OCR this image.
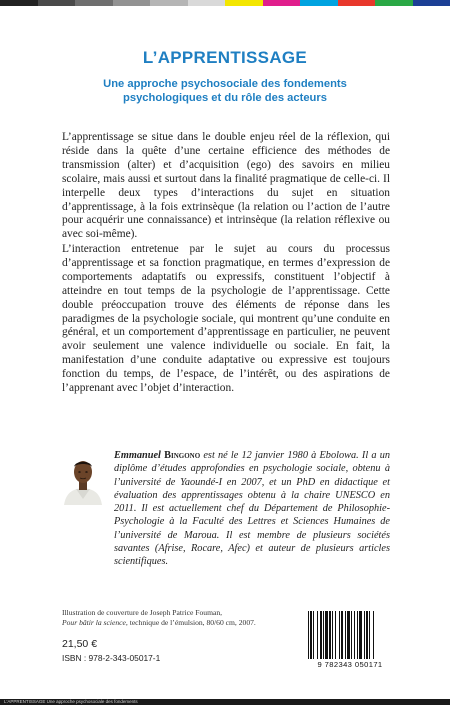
L’APPRENTISSAGE
Une approche psychosociale des fondements psychologiques et du rôle des acteurs

L’apprentissage se situe dans le double enjeu réel de la réflexion, qui réside dans la quête d’une certaine efficience des méthodes de transmission (alter) et d’acquisition (ego) des savoirs en milieu scolaire, mais aussi et surtout dans la finalité pragmatique de celle-ci. Il interpelle deux types d’interactions du sujet en situation d’apprentissage, à la fois extrinsèque (la relation ou l’action de l’autre pour acquérir une connaissance) et intrinsèque (la relation réflexive ou avec soi-même).

L’interaction entretenue par le sujet au cours du processus d’apprentissage et sa fonction pragmatique, en termes d’expression de comportements adaptatifs ou expressifs, constituent l’objectif à atteindre en tout temps de la psychologie de l’apprentissage. Cette double préoccupation trouve des éléments de réponse dans les paradigmes de la psychologie sociale, qui montrent qu’une conduite en général, et un comportement d’apprentissage en particulier, ne peuvent avoir seulement une valence individuelle ou sociale. En fait, la manifestation d’une conduite adaptative ou expressive est toujours fonction du temps, de l’espace, de l’intérêt, ou des aspirations de l’apprenant avec l’objet d’interaction.

Emmanuel Bingono est né le 12 janvier 1980 à Ebolowa. Il a un diplôme d’études approfondies en psychologie sociale, obtenu à l’université de Yaoundé-I en 2007, et un PhD en didactique et évaluation des apprentissages obtenu à la chaire UNESCO en 2011. Il est actuellement chef du Département de Philosophie-Psychologie à la Faculté des Lettres et Sciences Humaines de l’université de Maroua. Il est membre de plusieurs sociétés savantes (Afrise, Rocare, Afec) et auteur de plusieurs articles scientifiques.

Illustration de couverture de Joseph Patrice Fouman,
Pour bâtir la science, technique de l’émulsion, 80/60 cm, 2007.

21,50 €
ISBN : 978-2-343-05017-1
9 782343 050171
L'APPRENTISSAGE Une approche psychosociale des fondements
